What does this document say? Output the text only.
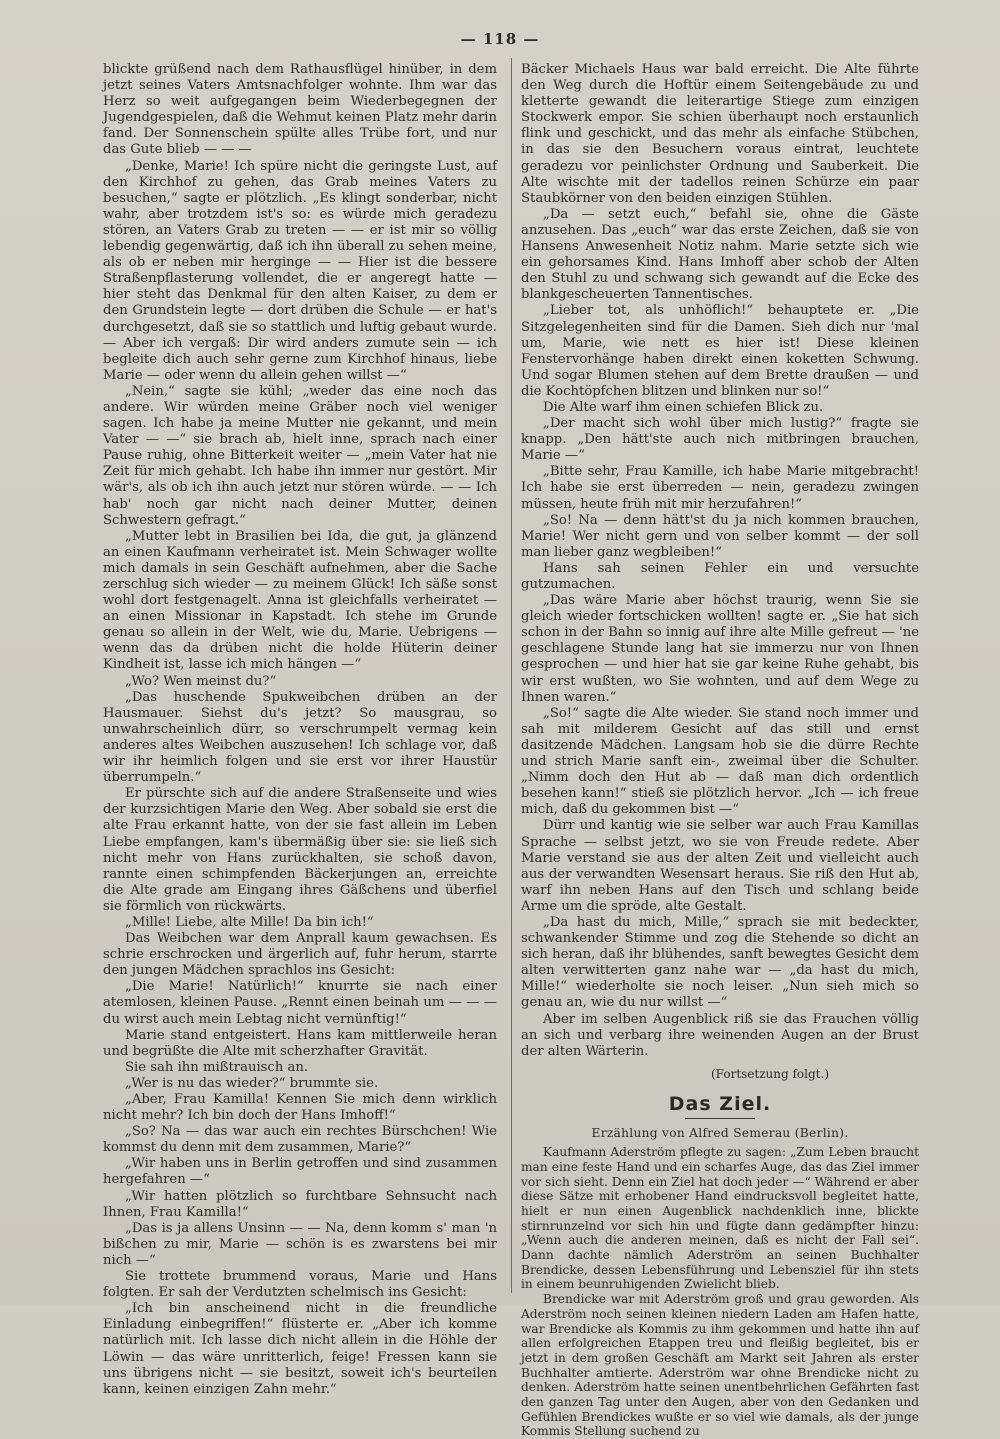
— 118 —

blickte grüßend nach dem Rathausflügel hinüber, in dem jetzt seines Vaters Amtsnachfolger wohnte. Ihm war das Herz so weit aufgegangen beim Wiederbegegnen der Jugendgespielen, daß die Wehmut keinen Platz mehr darin fand. Der Sonnenschein spülte alles Trübe fort, und nur das Gute blieb — — —

„Denke, Marie! Ich spüre nicht die geringste Lust, auf den Kirchhof zu gehen, das Grab meines Vaters zu besuchen,“ sagte er plötzlich. „Es klingt sonderbar, nicht wahr, aber trotzdem ist's so: es würde mich geradezu stören, an Vaters Grab zu treten — — er ist mir so völlig lebendig gegenwärtig, daß ich ihn überall zu sehen meine, als ob er neben mir herginge — — Hier ist die bessere Straßenpflasterung vollendet, die er angeregt hatte — hier steht das Denkmal für den alten Kaiser, zu dem er den Grundstein legte — dort drüben die Schule — er hat's durchgesetzt, daß sie so stattlich und luftig gebaut wurde. — Aber ich vergaß: Dir wird anders zumute sein — ich begleite dich auch sehr gerne zum Kirchhof hinaus, liebe Marie — oder wenn du allein gehen willst —“

„Nein,“ sagte sie kühl; „weder das eine noch das andere. Wir würden meine Gräber noch viel weniger sagen. Ich habe ja meine Mutter nie gekannt, und mein Vater — —“ sie brach ab, hielt inne, sprach nach einer Pause ruhig, ohne Bitterkeit weiter — „mein Vater hat nie Zeit für mich gehabt. Ich habe ihn immer nur gestört. Mir wär's, als ob ich ihn auch jetzt nur stören würde. — — Ich hab' noch gar nicht nach deiner Mutter, deinen Schwestern gefragt.“

„Mutter lebt in Brasilien bei Ida, die gut, ja glänzend an einen Kaufmann verheiratet ist. Mein Schwager wollte mich damals in sein Geschäft aufnehmen, aber die Sache zerschlug sich wieder — zu meinem Glück! Ich säße sonst wohl dort festgenagelt. Anna ist gleichfalls verheiratet — an einen Missionar in Kapstadt. Ich stehe im Grunde genau so allein in der Welt, wie du, Marie. Uebrigens — wenn das da drüben nicht die holde Hüterin deiner Kindheit ist, lasse ich mich hängen —“

„Wo? Wen meinst du?“

„Das huschende Spukweibchen drüben an der Hausmauer. Siehst du's jetzt? So mausgrau, so unwahrscheinlich dürr, so verschrumpelt vermag kein anderes altes Weibchen auszusehen! Ich schlage vor, daß wir ihr heimlich folgen und sie erst vor ihrer Haustür überrumpeln.“

Er pürschte sich auf die andere Straßenseite und wies der kurzsichtigen Marie den Weg. Aber sobald sie erst die alte Frau erkannt hatte, von der sie fast allein im Leben Liebe empfangen, kam's übermäßig über sie: sie ließ sich nicht mehr von Hans zurückhalten, sie schoß davon, rannte einen schimpfenden Bäckerjungen an, erreichte die Alte grade am Eingang ihres Gäßchens und überfiel sie förmlich von rückwärts.

„Mille! Liebe, alte Mille! Da bin ich!“

Das Weibchen war dem Anprall kaum gewachsen. Es schrie erschrocken und ärgerlich auf, fuhr herum, starrte den jungen Mädchen sprachlos ins Gesicht:

„Die Marie! Natürlich!“ knurrte sie nach einer atemlosen, kleinen Pause. „Rennt einen beinah um — — — du wirst auch mein Lebtag nicht vernünftig!“

Marie stand entgeistert. Hans kam mittlerweile heran und begrüßte die Alte mit scherzhafter Gravität.

Sie sah ihn mißtrauisch an.

„Wer is nu das wieder?“ brummte sie.

„Aber, Frau Kamilla! Kennen Sie mich denn wirklich nicht mehr? Ich bin doch der Hans Imhoff!“

„So? Na — das war auch ein rechtes Bürschchen! Wie kommst du denn mit dem zusammen, Marie?“

„Wir haben uns in Berlin getroffen und sind zusammen hergefahren —“

„Wir hatten plötzlich so furchtbare Sehnsucht nach Ihnen, Frau Kamilla!“

„Das is ja allens Unsinn — — Na, denn komm s' man 'n bißchen zu mir, Marie — schön is es zwarstens bei mir nich —“

Sie trottete brummend voraus, Marie und Hans folgten. Er sah der Verdutzten schelmisch ins Gesicht:

„Ich bin anscheinend nicht in die freundliche Einladung einbegriffen!“ flüsterte er. „Aber ich komme natürlich mit. Ich lasse dich nicht allein in die Höhle der Löwin — das wäre unritterlich, feige! Fressen kann sie uns übrigens nicht — sie besitzt, soweit ich's beurteilen kann, keinen einzigen Zahn mehr.“

Bäcker Michaels Haus war bald erreicht. Die Alte führte den Weg durch die Hoftür einem Seitengebäude zu und kletterte gewandt die leiterartige Stiege zum einzigen Stockwerk empor. Sie schien überhaupt noch erstaunlich flink und geschickt, und das mehr als einfache Stübchen, in das sie den Besuchern voraus eintrat, leuchtete geradezu vor peinlichster Ordnung und Sauberkeit. Die Alte wischte mit der tadellos reinen Schürze ein paar Staubkörner von den beiden einzigen Stühlen.

„Da — setzt euch,“ befahl sie, ohne die Gäste anzusehen. Das „euch“ war das erste Zeichen, daß sie von Hansens Anwesenheit Notiz nahm. Marie setzte sich wie ein gehorsames Kind. Hans Imhoff aber schob der Alten den Stuhl zu und schwang sich gewandt auf die Ecke des blankgescheuerten Tannentisches.

„Lieber tot, als unhöflich!“ behauptete er. „Die Sitzgelegenheiten sind für die Damen. Sieh dich nur 'mal um, Marie, wie nett es hier ist! Diese kleinen Fenstervorhänge haben direkt einen koketten Schwung. Und sogar Blumen stehen auf dem Brette draußen — und die Kochtöpfchen blitzen und blinken nur so!“

Die Alte warf ihm einen schiefen Blick zu.

„Der macht sich wohl über mich lustig?“ fragte sie knapp. „Den hätt'ste auch nich mitbringen brauchen, Marie —“

„Bitte sehr, Frau Kamille, ich habe Marie mitgebracht! Ich habe sie erst überreden — nein, geradezu zwingen müssen, heute früh mit mir herzufahren!“

„So! Na — denn hätt'st du ja nich kommen brauchen, Marie! Wer nicht gern und von selber kommt — der soll man lieber ganz wegbleiben!“

Hans sah seinen Fehler ein und versuchte gutzumachen.

„Das wäre Marie aber höchst traurig, wenn Sie sie gleich wieder fortschicken wollten! sagte er. „Sie hat sich schon in der Bahn so innig auf ihre alte Mille gefreut — 'ne geschlagene Stunde lang hat sie immerzu nur von Ihnen gesprochen — und hier hat sie gar keine Ruhe gehabt, bis wir erst wußten, wo Sie wohnten, und auf dem Wege zu Ihnen waren.“

„So!“ sagte die Alte wieder. Sie stand noch immer und sah mit milderem Gesicht auf das still und ernst dasitzende Mädchen. Langsam hob sie die dürre Rechte und strich Marie sanft ein-, zweimal über die Schulter. „Nimm doch den Hut ab — daß man dich ordentlich besehen kann!“ stieß sie plötzlich hervor. „Ich — ich freue mich, daß du gekommen bist —“

Dürr und kantig wie sie selber war auch Frau Kamillas Sprache — selbst jetzt, wo sie von Freude redete. Aber Marie verstand sie aus der alten Zeit und vielleicht auch aus der verwandten Wesensart heraus. Sie riß den Hut ab, warf ihn neben Hans auf den Tisch und schlang beide Arme um die spröde, alte Gestalt.

„Da hast du mich, Mille,“ sprach sie mit bedeckter, schwankender Stimme und zog die Stehende so dicht an sich heran, daß ihr blühendes, sanft bewegtes Gesicht dem alten verwitterten ganz nahe war — „da hast du mich, Mille!“ wiederholte sie noch leiser. „Nun sieh mich so genau an, wie du nur willst —“

Aber im selben Augenblick riß sie das Frauchen völlig an sich und verbarg ihre weinenden Augen an der Brust der alten Wärterin.

(Fortsetzung folgt.)
Das Ziel.
Erzählung von Alfred Semerau (Berlin).

Kaufmann Aderström pflegte zu sagen: „Zum Leben braucht man eine feste Hand und ein scharfes Auge, das das Ziel immer vor sich sieht. Denn ein Ziel hat doch jeder —“ Während er aber diese Sätze mit erhobener Hand eindrucksvoll begleitet hatte, hielt er nun einen Augenblick nachdenklich inne, blickte stirnrunzelnd vor sich hin und fügte dann gedämpfter hinzu: „Wenn auch die anderen meinen, daß es nicht der Fall sei“. Dann dachte nämlich Aderström an seinen Buchhalter Brendicke, dessen Lebensführung und Lebensziel für ihn stets in einem beunruhigenden Zwielicht blieb.

Brendicke war mit Aderström groß und grau geworden. Als Aderström noch seinen kleinen niedern Laden am Hafen hatte, war Brendicke als Kommis zu ihm gekommen und hatte ihn auf allen erfolgreichen Etappen treu und fleißig begleitet, bis er jetzt in dem großen Geschäft am Markt seit Jahren als erster Buchhalter amtierte. Aderström war ohne Brendicke nicht zu denken. Aderström hatte seinen unentbehrlichen Gefährten fast den ganzen Tag unter den Augen, aber von den Gedanken und Gefühlen Brendickes wußte er so viel wie damals, als der junge Kommis Stellung suchend zu
